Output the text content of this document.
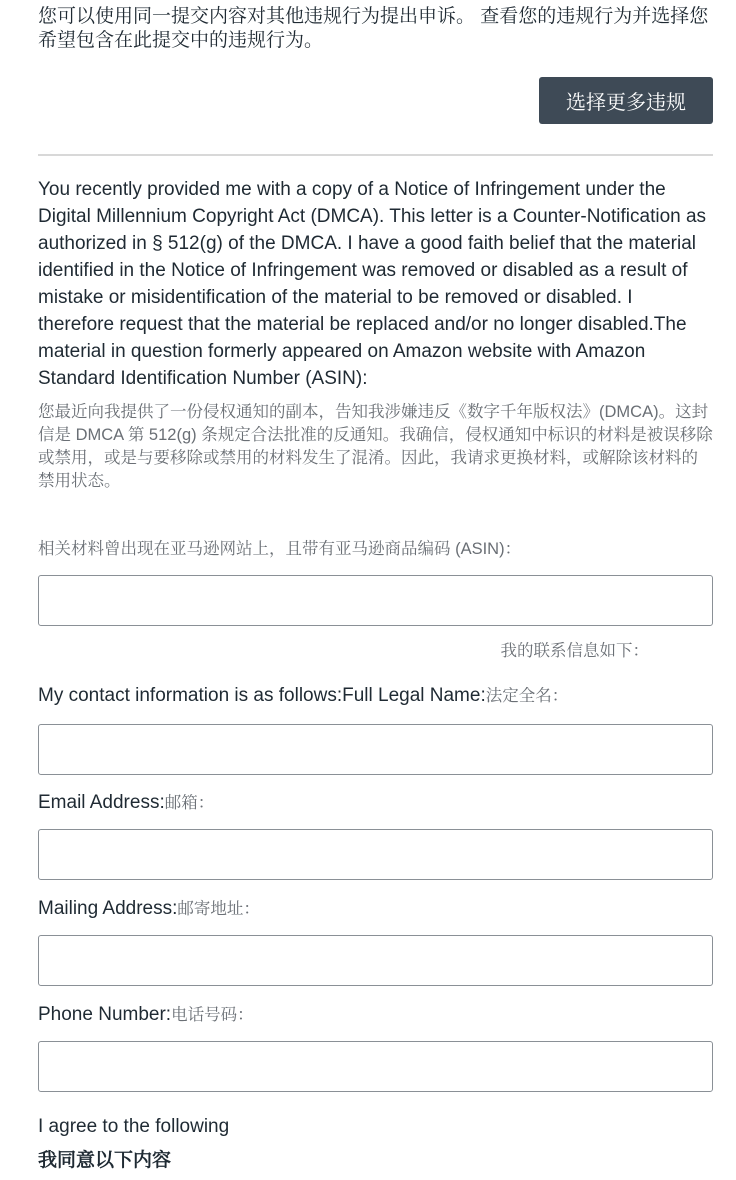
您可以使用同一提交内容对其他违规行为提出申诉。 查看您的违规行为并选择您希望包含在此提交中的违规行为。

选择更多违规

You recently provided me with a copy of a Notice of Infringement under the Digital Millennium Copyright Act (DMCA). This letter is a Counter-Notification as authorized in § 512(g) of the DMCA. I have a good faith belief that the material identified in the Notice of Infringement was removed or disabled as a result of mistake or misidentification of the material to be removed or disabled. I therefore request that the material be replaced and/or no longer disabled.The material in question formerly appeared on Amazon website with Amazon Standard Identification Number (ASIN):

您最近向我提供了一份侵权通知的副本，告知我涉嫌违反《数字千年版权法》(DMCA)。这封信是 DMCA 第 512(g) 条规定合法批准的反通知。我确信，侵权通知中标识的材料是被误移除或禁用，或是与要移除或禁用的材料发生了混淆。因此，我请求更换材料，或解除该材料的禁用状态。

相关材料曾出现在亚马逊网站上，且带有亚马逊商品编码 (ASIN)：
我的联系信息如下：
My contact information is as follows:Full Legal Name:法定全名：
Email Address:邮箱：
Mailing Address:邮寄地址：
Phone Number:电话号码：
I agree to the following
我同意以下内容
